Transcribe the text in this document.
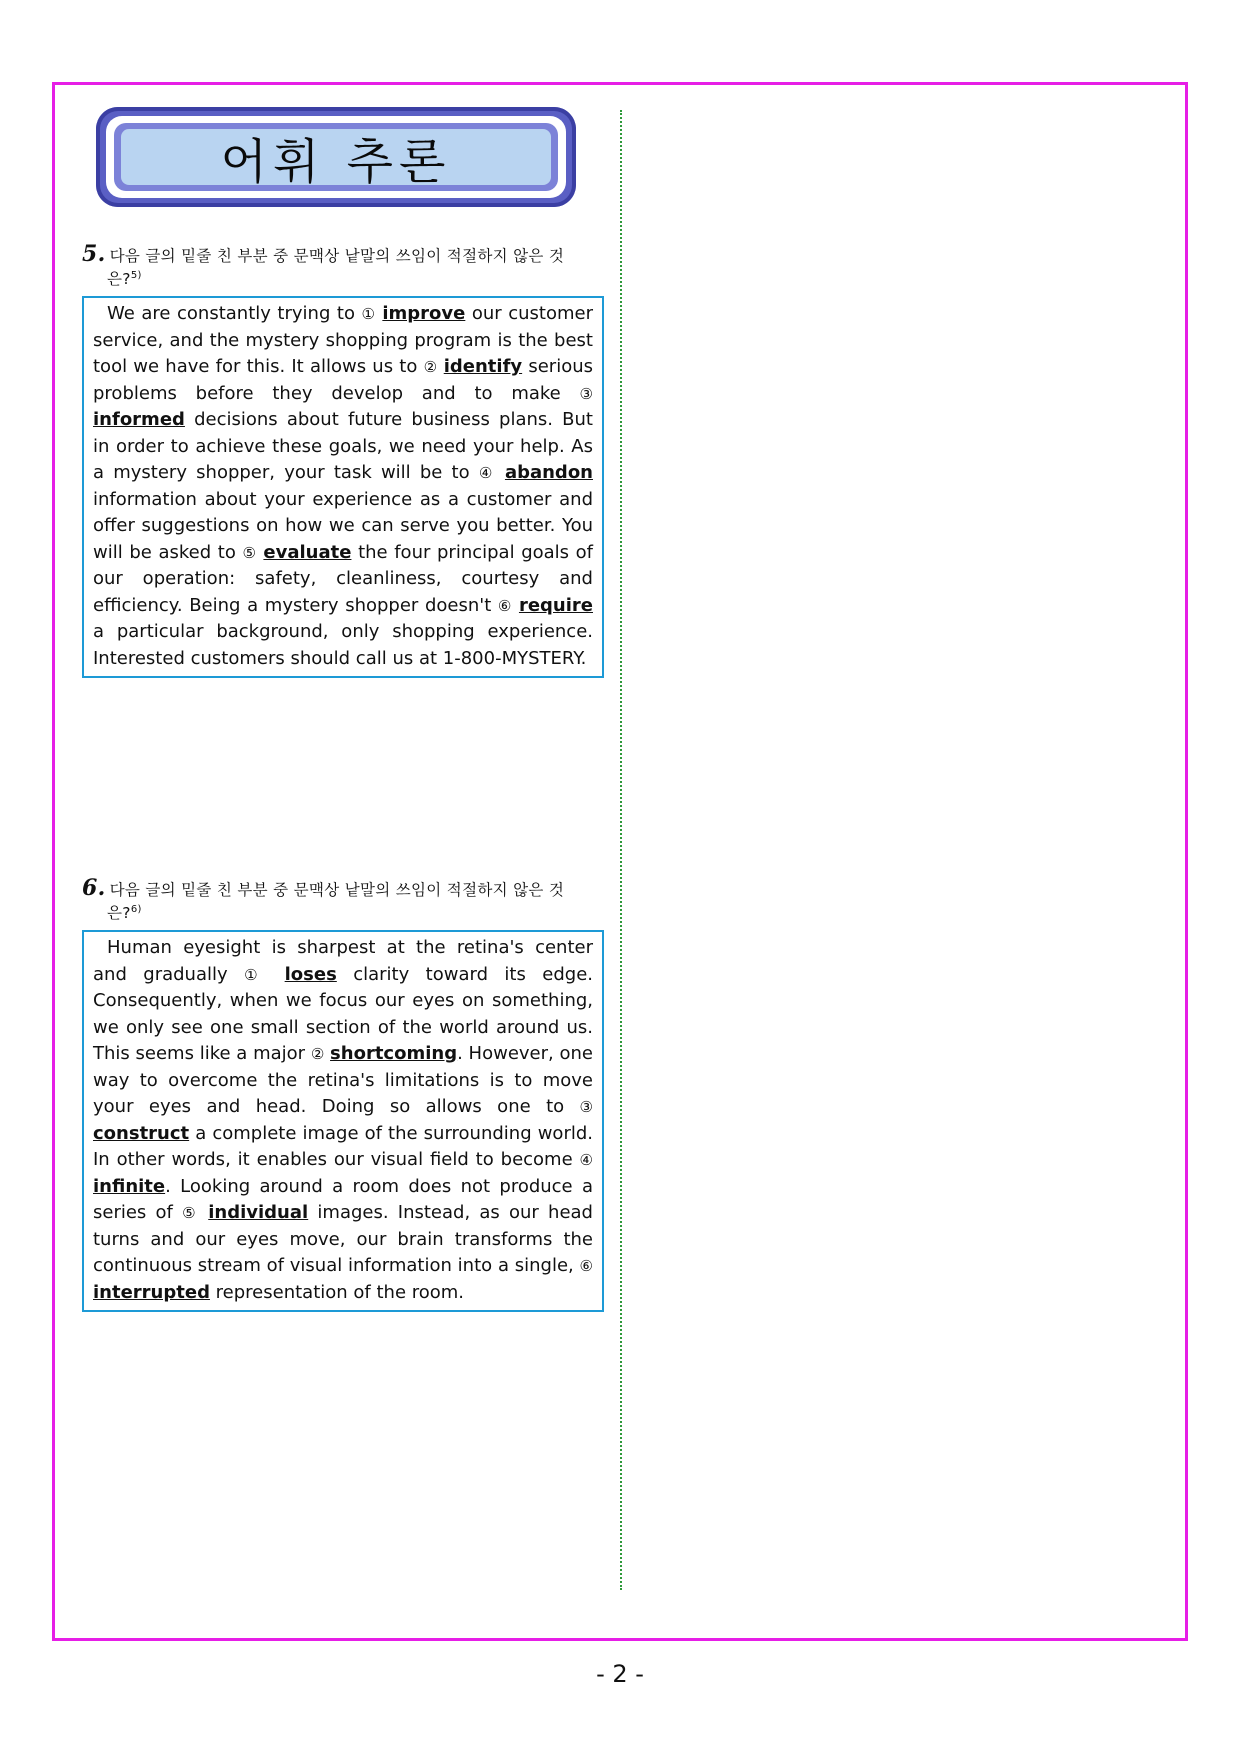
어휘 추론
5. 다음 글의 밑줄 친 부분 중 문맥상 낱말의 쓰임이 적절하지 않은 것
은?$^{5)}$
We are constantly trying to ① improve our customer service, and the mystery shopping program is the best tool we have for this. It allows us to ② identify serious problems before they develop and to make ③ informed decisions about future business plans. But in order to achieve these goals, we need your help. As a mystery shopper, your task will be to ④ abandon information about your experience as a customer and offer suggestions on how we can serve you better. You will be asked to ⑤ evaluate the four principal goals of our operation: safety, cleanliness, courtesy and efficiency. Being a mystery shopper doesn't ⑥ require a particular background, only shopping experience. Interested customers should call us at 1-800-MYSTERY.
6. 다음 글의 밑줄 친 부분 중 문맥상 낱말의 쓰임이 적절하지 않은 것
은?$^{6)}$
Human eyesight is sharpest at the retina's center and gradually ① loses clarity toward its edge. Consequently, when we focus our eyes on something, we only see one small section of the world around us. This seems like a major ② shortcoming. However, one way to overcome the retina's limitations is to move your eyes and head. Doing so allows one to ③ construct a complete image of the surrounding world. In other words, it enables our visual field to become ④ infinite. Looking around a room does not produce a series of ⑤ individual images. Instead, as our head turns and our eyes move, our brain transforms the continuous stream of visual information into a single, ⑥ interrupted representation of the room.
- 2 -
